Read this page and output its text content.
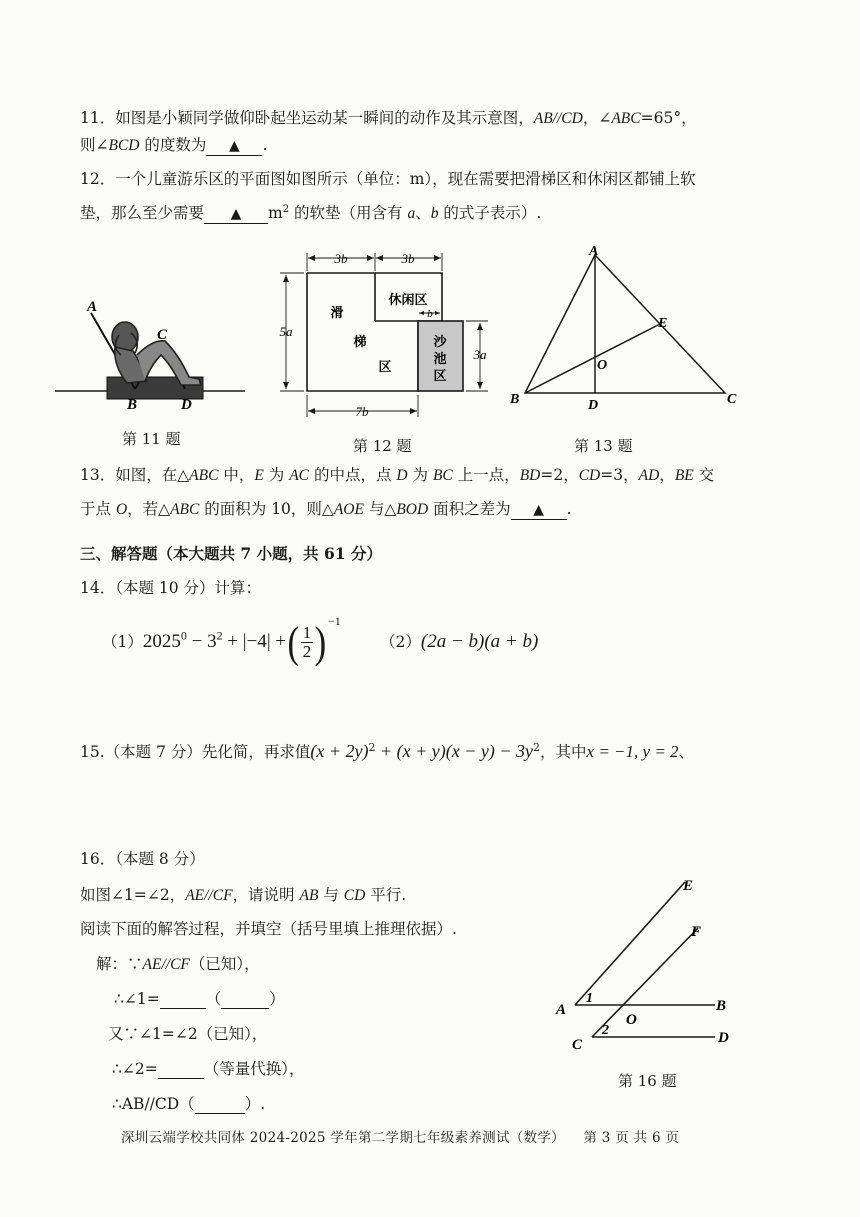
11．如图是小颖同学做仰卧起坐运动某一瞬间的动作及其示意图，AB//CD，∠ABC=65°，
则∠BCD 的度数为 ▲ .
12．一个儿童游乐区的平面图如图所示（单位：m），现在需要把滑梯区和休闲区都铺上软
垫，那么至少需要 ▲ $m^2$ 的软垫（用含有 a、b 的式子表示）.
A
C
B	D
第 11 题
3b	3b
5a
3a
7b
b
滑
梯
区
休闲区
沙
池
区
第 12 题
A
B	C
D
E
O
第 13 题
13．如图，在△ABC 中，E 为 AC 的中点，点 D 为 BC 上一点，BD=2，CD=3，AD，BE 交
于点 O，若△ABC 的面积为 10，则△AOE 与△BOD 面积之差为 ▲ .
三、解答题（本大题共 7 小题，共 61 分）
14．（本题 10 分）计算：
$(1)2025^0 - 3^2 + |-4|$ +( $\frac{1}{2} )^{-1}$
（2）(2a − b)(a + b)
15.（本题 7 分）先化简，再求值$(x + 2y)^2 + (x + y)(x - y) - 3y^2$，其中x = −1, y = 2、
16．（本题 8 分）
如图∠1=∠2，AE//CF，请说明 AB 与 CD 平行.
阅读下面的解答过程，并填空（括号里填上推理依据）.
解：∵AE//CF（已知），
∴∠1=	（	）
又∵∠1=∠2（已知），
∴∠2=	（等量代换），
∴AB//CD（	）.
E
F
A	B
O
C	D
1
2
第 16 题
深圳云端学校共同体 2024-2025 学年第二学期七年级素养测试（数学） 第 3 页 共 6 页
